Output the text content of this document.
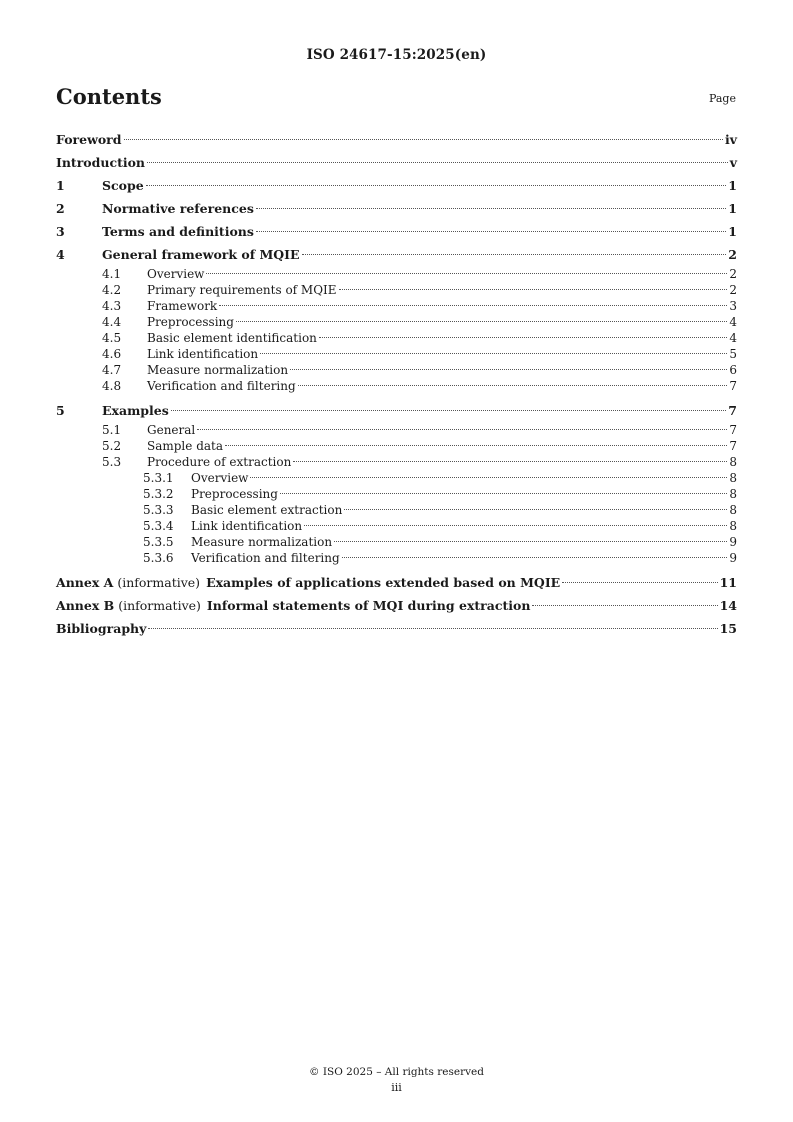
ISO 24617-15:2025(en)
Contents	Page
Foreword	iv
Introduction	v
1	Scope	1
2	Normative references	1
3	Terms and definitions	1
4	General framework of MQIE	2
4.1	Overview	2
4.2	Primary requirements of MQIE	2
4.3	Framework	3
4.4	Preprocessing	4
4.5	Basic element identification	4
4.6	Link identification	5
4.7	Measure normalization	6
4.8	Verification and filtering	7
5	Examples	7
5.1	General	7
5.2	Sample data	7
5.3	Procedure of extraction	8
5.3.1	Overview	8
5.3.2	Preprocessing	8
5.3.3	Basic element extraction	8
5.3.4	Link identification	8
5.3.5	Measure normalization	9
5.3.6	Verification and filtering	9
Annex A (informative) Examples of applications extended based on MQIE	11
Annex B (informative) Informal statements of MQI during extraction	14
Bibliography	15
© ISO 2025 – All rights reserved
iii
